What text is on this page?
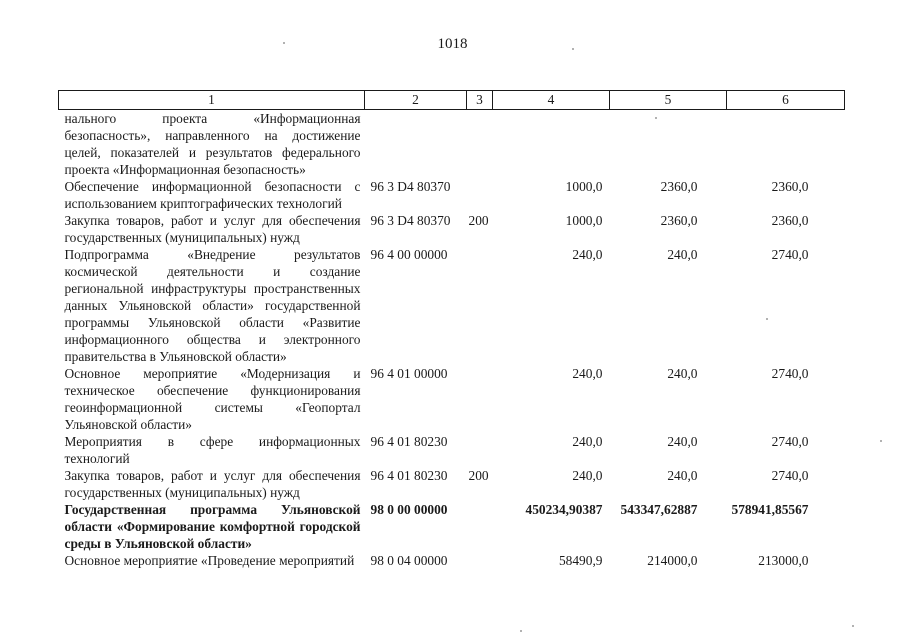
1018
1	2	3	4	5	6
нального проекта «Информационная безопасность», направленного на достижение целей, показателей и результатов федерального проекта «Информационная безопасность»					
Обеспечение информационной безопасности с использованием криптографических технологий	96 3 D4 80370		1000,0	2360,0	2360,0
Закупка товаров, работ и услуг для обеспечения государственных (муниципальных) нужд	96 3 D4 80370	200	1000,0	2360,0	2360,0
Подпрограмма «Внедрение результатов космической деятельности и создание региональной инфраструктуры пространственных данных Ульяновской области» государственной программы Ульяновской области «Развитие информационного общества и электронного правительства в Ульяновской области»	96 4 00 00000		240,0	240,0	2740,0
Основное мероприятие «Модернизация и техническое обеспечение функционирования геоинформационной системы «Геопортал Ульяновской области»	96 4 01 00000		240,0	240,0	2740,0
Мероприятия в сфере информационных технологий	96 4 01 80230		240,0	240,0	2740,0
Закупка товаров, работ и услуг для обеспечения государственных (муниципальных) нужд	96 4 01 80230	200	240,0	240,0	2740,0
Государственная программа Ульяновской области «Формирование комфортной городской среды в Ульяновской области»	98 0 00 00000		450234,90387	543347,62887	578941,85567
Основное мероприятие «Проведение мероприятий	98 0 04 00000		58490,9	214000,0	213000,0
